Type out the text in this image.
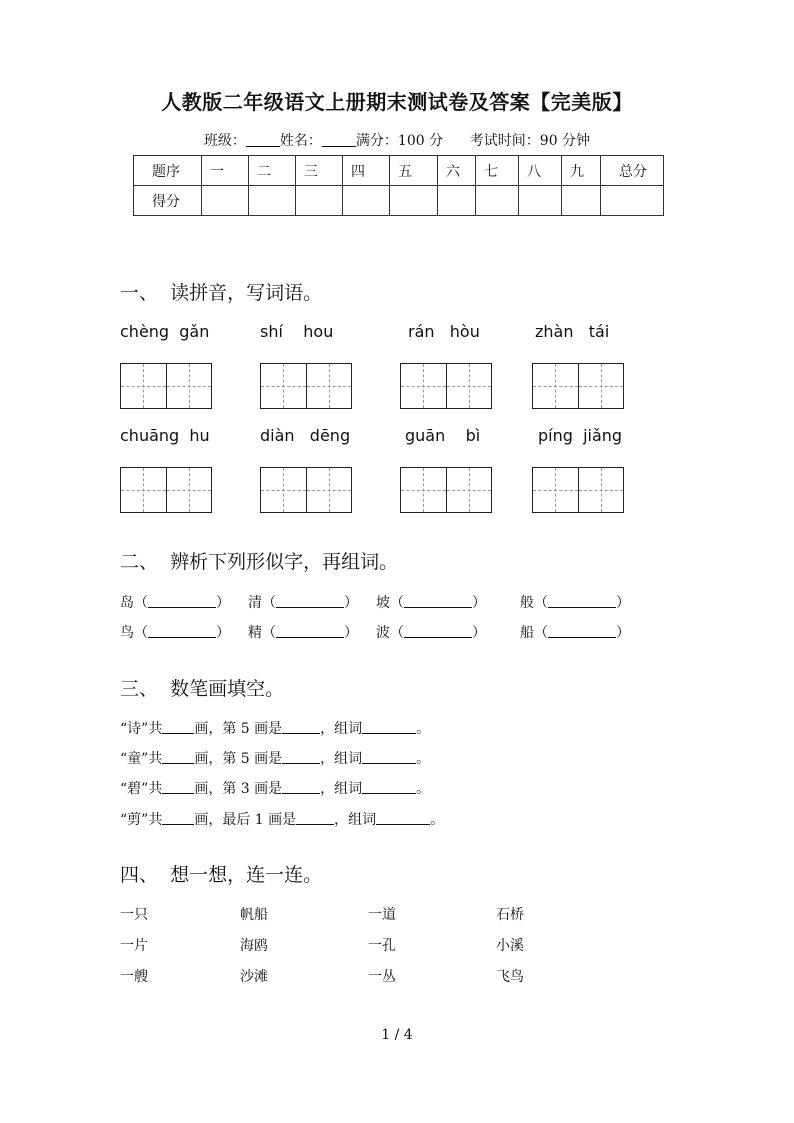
人教版二年级语文上册期末测试卷及答案【完美版】
班级： 姓名： 满分：100 分 考试时间：90 分钟
题序	一	二	三	四	五	六	七	八	九	总分
得分										
一、  读拼音，写词语。
chèng  gǎn	shí    hou	rán   hòu	zhàn   tái
chuāng  hu	diàn   dēng	guān    bì	píng  jiǎng
二、  辨析下列形似字，再组词。
岛（	） 清（	） 坡（	） 般（	）
鸟（	） 精（	） 波（	） 船（	）
三、  数笔画填空。
“诗”共 画，第 5 画是	，组词	。
“童”共 画，第 5 画是	，组词	。
“碧”共 画，第 3 画是	，组词	。
“剪”共 画，最后 1 画是	，组词	。
四、  想一想，连一连。
一只	帆船	一道	石桥
一片	海鸥	一孔	小溪
一艘	沙滩	一丛	飞鸟
1 / 4
